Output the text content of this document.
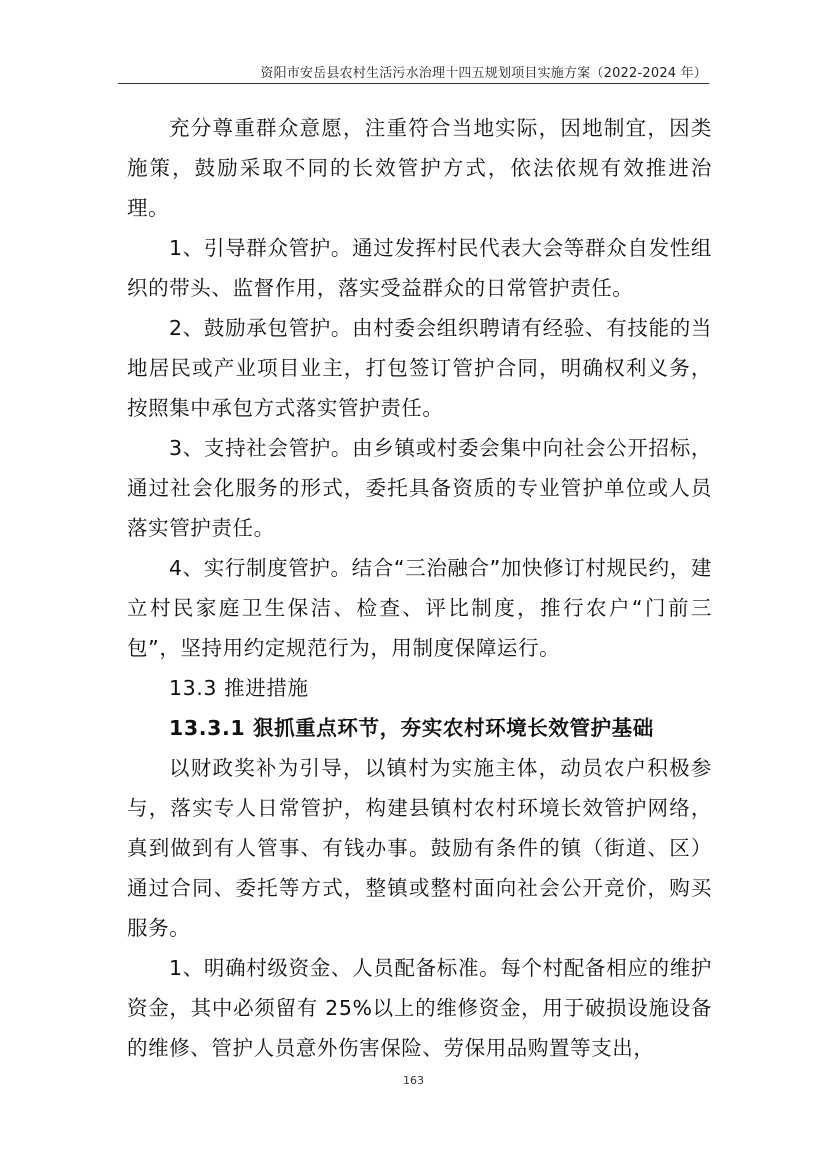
资阳市安岳县农村生活污水治理十四五规划项目实施方案（2022-2024 年）

充分尊重群众意愿，注重符合当地实际，因地制宜，因类施策，鼓励采取不同的长效管护方式，依法依规有效推进治理。

1、引导群众管护。通过发挥村民代表大会等群众自发性组织的带头、监督作用，落实受益群众的日常管护责任。

2、鼓励承包管护。由村委会组织聘请有经验、有技能的当地居民或产业项目业主，打包签订管护合同，明确权利义务，按照集中承包方式落实管护责任。

3、支持社会管护。由乡镇或村委会集中向社会公开招标，通过社会化服务的形式，委托具备资质的专业管护单位或人员落实管护责任。

4、实行制度管护。结合“三治融合”加快修订村规民约，建立村民家庭卫生保洁、检查、评比制度，推行农户“门前三包”，坚持用约定规范行为，用制度保障运行。

13.3 推进措施

13.3.1 狠抓重点环节，夯实农村环境长效管护基础

以财政奖补为引导，以镇村为实施主体，动员农户积极参与，落实专人日常管护，构建县镇村农村环境长效管护网络，真到做到有人管事、有钱办事。鼓励有条件的镇（街道、区）通过合同、委托等方式，整镇或整村面向社会公开竞价，购买服务。

1、明确村级资金、人员配备标准。每个村配备相应的维护资金，其中必须留有 25%以上的维修资金，用于破损设施设备的维修、管护人员意外伤害保险、劳保用品购置等支出，

163
